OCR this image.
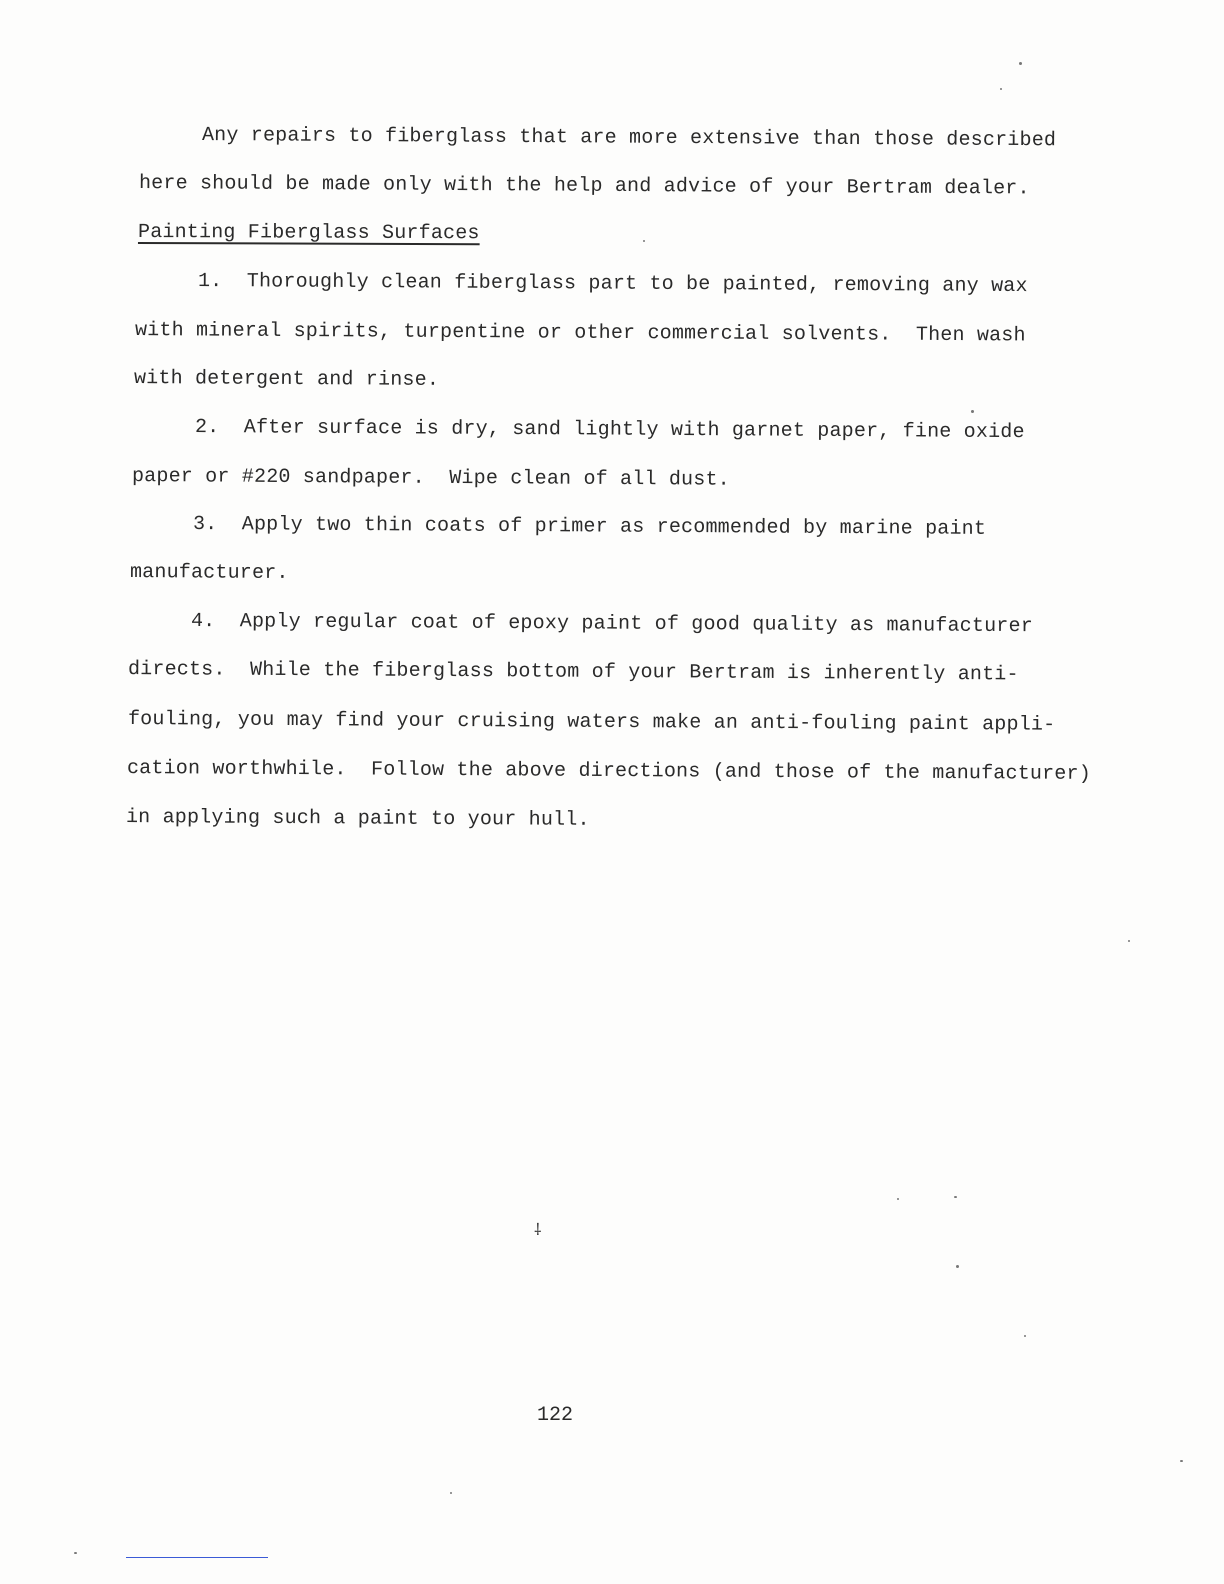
Any repairs to fiberglass that are more extensive than those described
here should be made only with the help and advice of your Bertram dealer.
Painting Fiberglass Surfaces
1.  Thoroughly clean fiberglass part to be painted, removing any wax
with mineral spirits, turpentine or other commercial solvents.  Then wash
with detergent and rinse.
2.  After surface is dry, sand lightly with garnet paper, fine oxide
paper or #220 sandpaper.  Wipe clean of all dust.
3.  Apply two thin coats of primer as recommended by marine paint
manufacturer.
4.  Apply regular coat of epoxy paint of good quality as manufacturer
directs.  While the fiberglass bottom of your Bertram is inherently anti-
fouling, you may find your cruising waters make an anti-fouling paint appli-
cation worthwhile.  Follow the above directions (and those of the manufacturer)
in applying such a paint to your hull.
⸸
122
